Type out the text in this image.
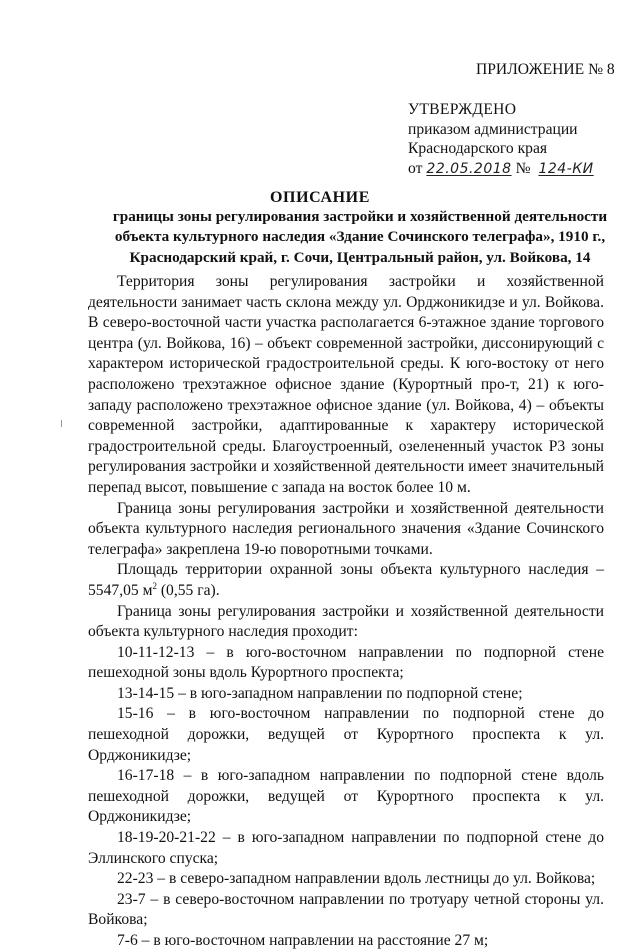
ПРИЛОЖЕНИЕ № 8
УТВЕРЖДЕНО
приказом администрации
Краснодарского края
от 22.05.2018 № 124-КИ
ОПИСАНИЕ
границы зоны регулирования застройки и хозяйственной деятельности объекта культурного наследия «Здание Сочинского телеграфа», 1910 г., Краснодарский край, г. Сочи, Центральный район, ул. Войкова, 14

Территория зоны регулирования застройки и хозяйственной деятельности занимает часть склона между ул. Орджоникидзе и ул. Войкова. В северо-восточной части участка располагается 6-этажное здание торгового центра (ул. Войкова, 16) – объект современной застройки, диссонирующий с характером исторической градостроительной среды. К юго-востоку от него расположено трехэтажное офисное здание (Курортный про-т, 21) к юго-западу расположено трехэтажное офисное здание (ул. Войкова, 4) – объекты современной застройки, адаптированные к характеру исторической градостроительной среды. Благоустроенный, озелененный участок Р3 зоны регулирования застройки и хозяйственной деятельности имеет значительный перепад высот, повышение с запада на восток более 10 м.

Граница зоны регулирования застройки и хозяйственной деятельности объекта культурного наследия регионального значения «Здание Сочинского телеграфа» закреплена 19-ю поворотными точками.

Площадь территории охранной зоны объекта культурного наследия – 5547,05 $м^2$ (0,55 га).

Граница зоны регулирования застройки и хозяйственной деятельности объекта культурного наследия проходит:

10-11-12-13 – в юго-восточном направлении по подпорной стене пешеходной зоны вдоль Курортного проспекта;

13-14-15 – в юго-западном направлении по подпорной стене;

15-16 – в юго-восточном направлении по подпорной стене до пешеходной дорожки, ведущей от Курортного проспекта к ул. Орджоникидзе;

16-17-18 – в юго-западном направлении по подпорной стене вдоль пешеходной дорожки, ведущей от Курортного проспекта к ул. Орджоникидзе;

18-19-20-21-22 – в юго-западном направлении по подпорной стене до Эллинского спуска;

22-23 – в северо-западном направлении вдоль лестницы до ул. Войкова;

23-7 – в северо-восточном направлении по тротуару четной стороны ул. Войкова;

7-6 – в юго-восточном направлении на расстояние 27 м;
